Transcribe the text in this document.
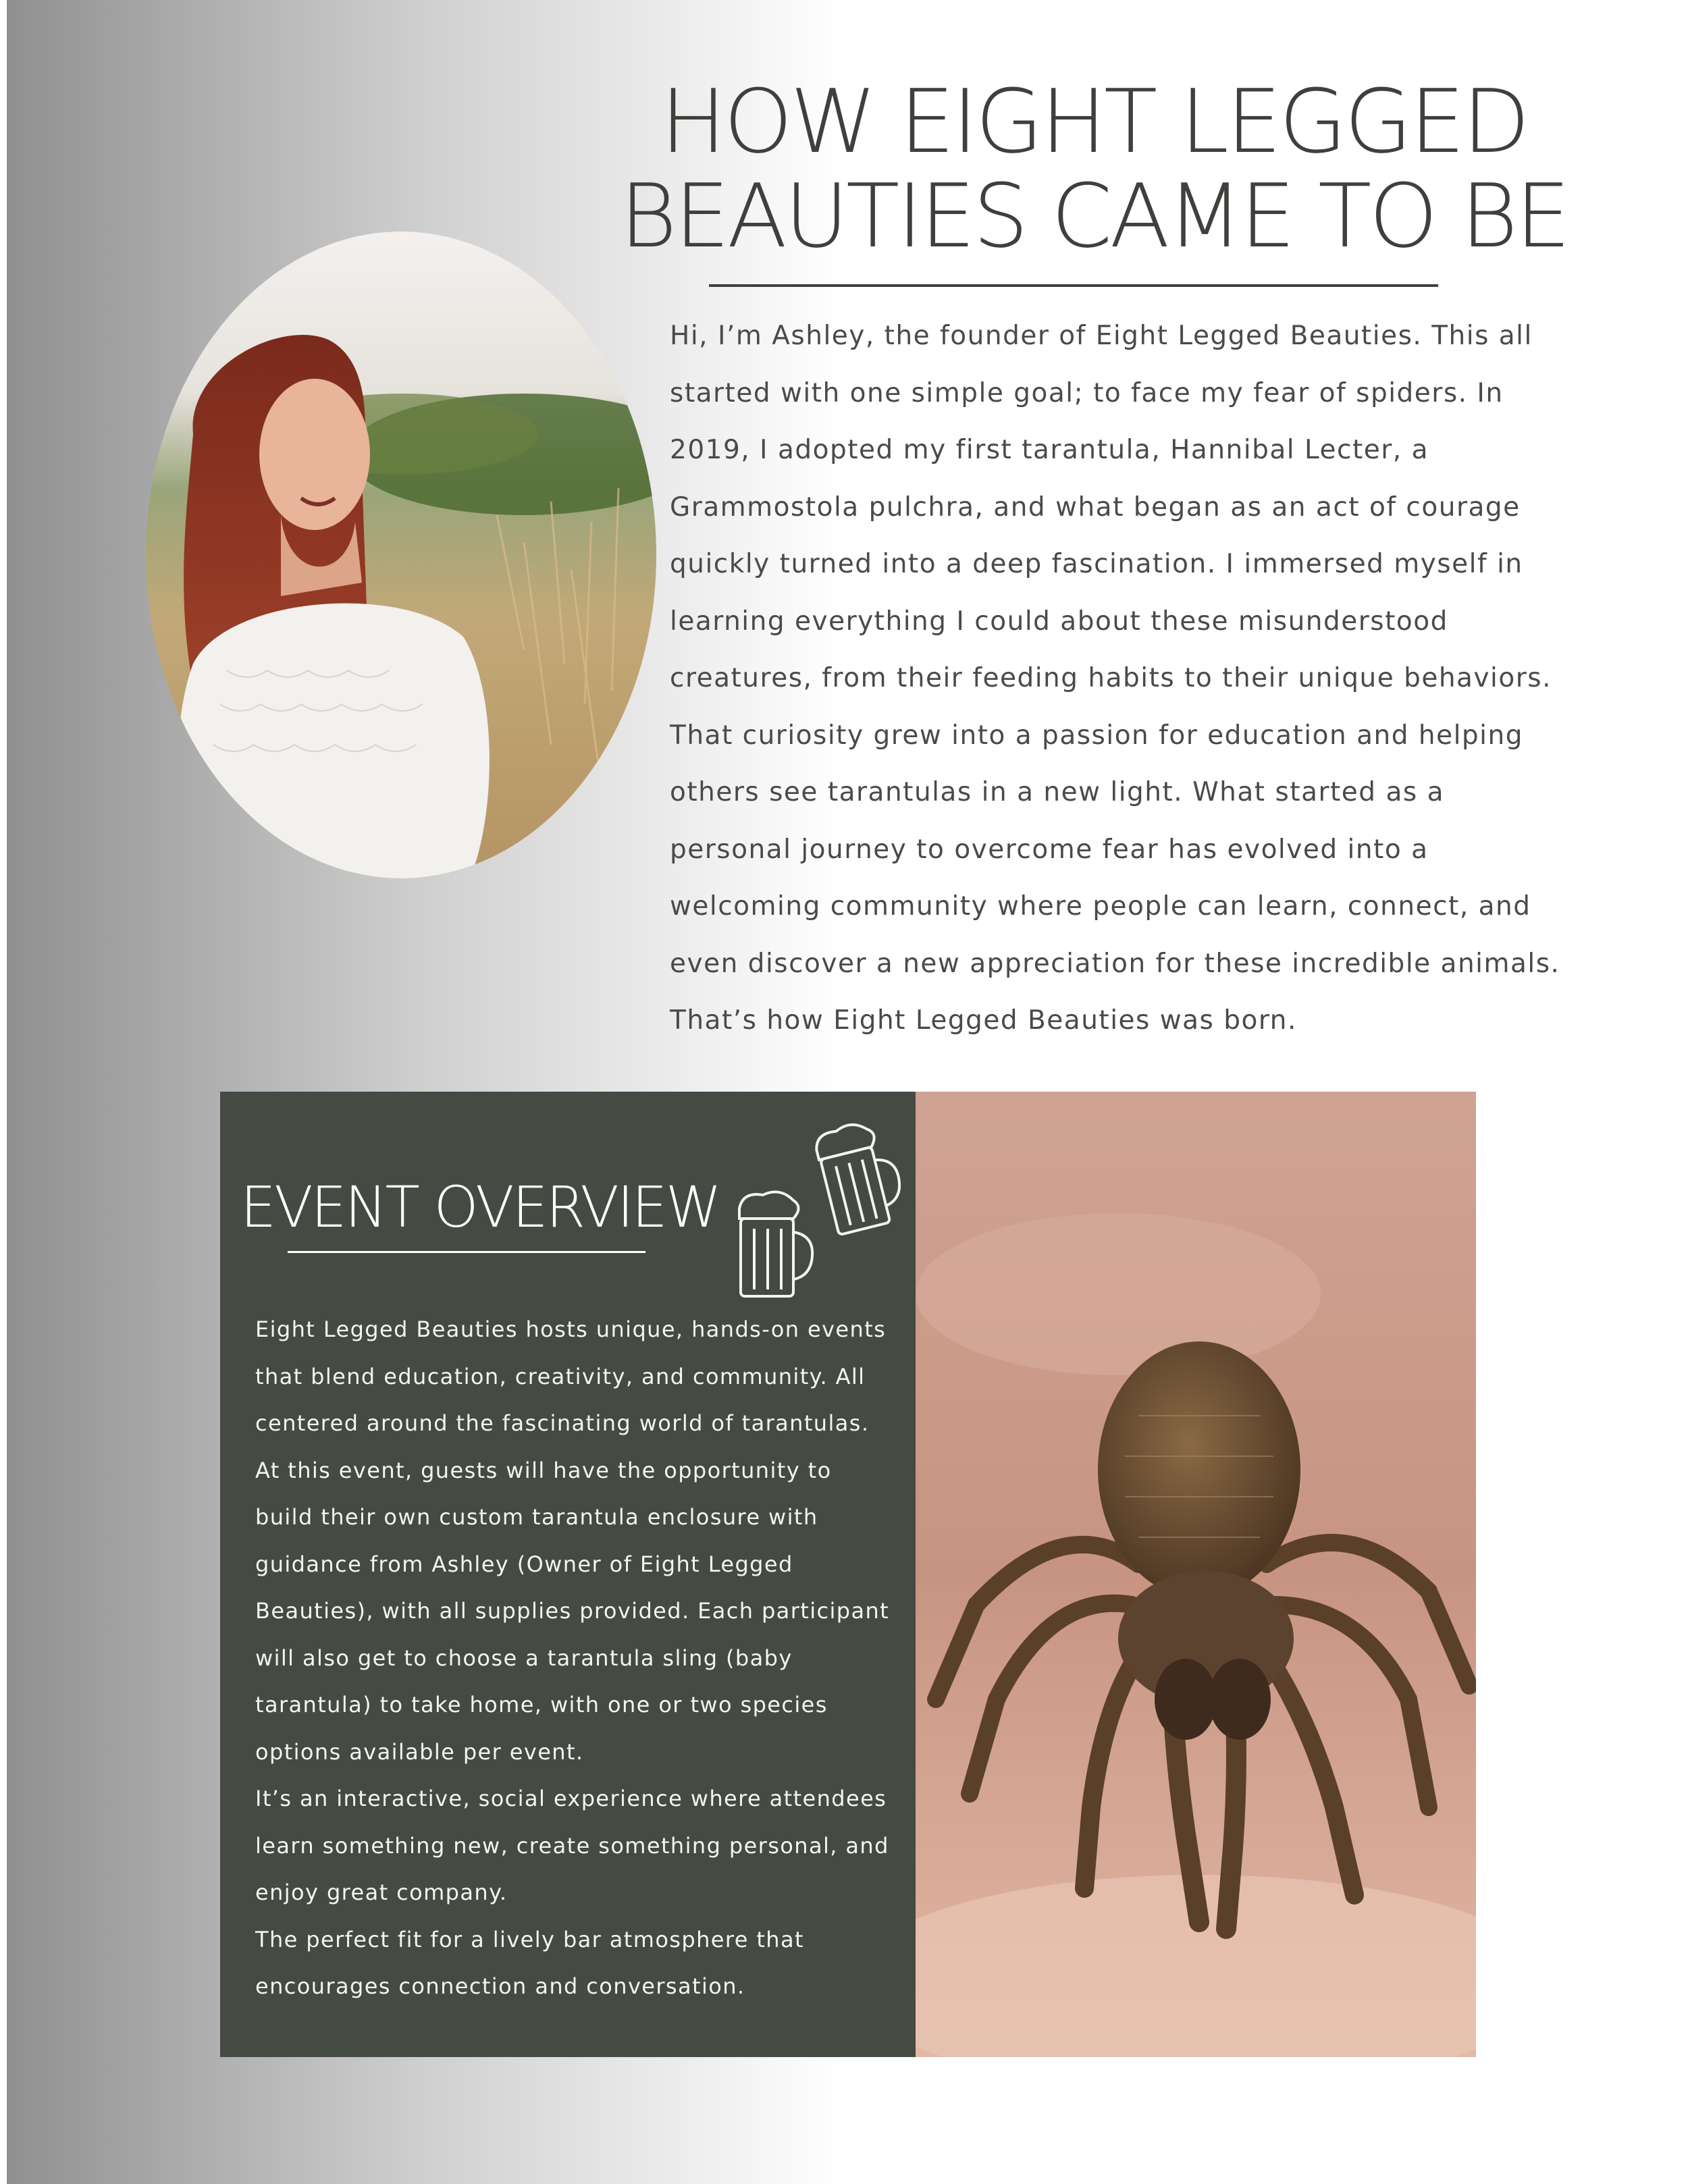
HOW EIGHT LEGGED
BEAUTIES CAME TO BE

Hi, I’m Ashley, the founder of Eight Legged Beauties. This all started with one simple goal; to face my fear of spiders. In 2019, I adopted my first tarantula, Hannibal Lecter, a Grammostola pulchra, and what began as an act of courage quickly turned into a deep fascination. I immersed myself in learning everything I could about these misunderstood creatures, from their feeding habits to their unique behaviors.

That curiosity grew into a passion for education and helping others see tarantulas in a new light. What started as a personal journey to overcome fear has evolved into a welcoming community where people can learn, connect, and even discover a new appreciation for these incredible animals. That’s how Eight Legged Beauties was born.

EVENT OVERVIEW

Eight Legged Beauties hosts unique, hands-on events that blend education, creativity, and community. All centered around the fascinating world of tarantulas.

At this event, guests will have the opportunity to build their own custom tarantula enclosure with guidance from Ashley (Owner of Eight Legged Beauties), with all supplies provided. Each participant will also get to choose a tarantula sling (baby tarantula) to take home, with one or two species options available per event.

It’s an interactive, social experience where attendees learn something new, create something personal, and enjoy great company.

The perfect fit for a lively bar atmosphere that encourages connection and conversation.
